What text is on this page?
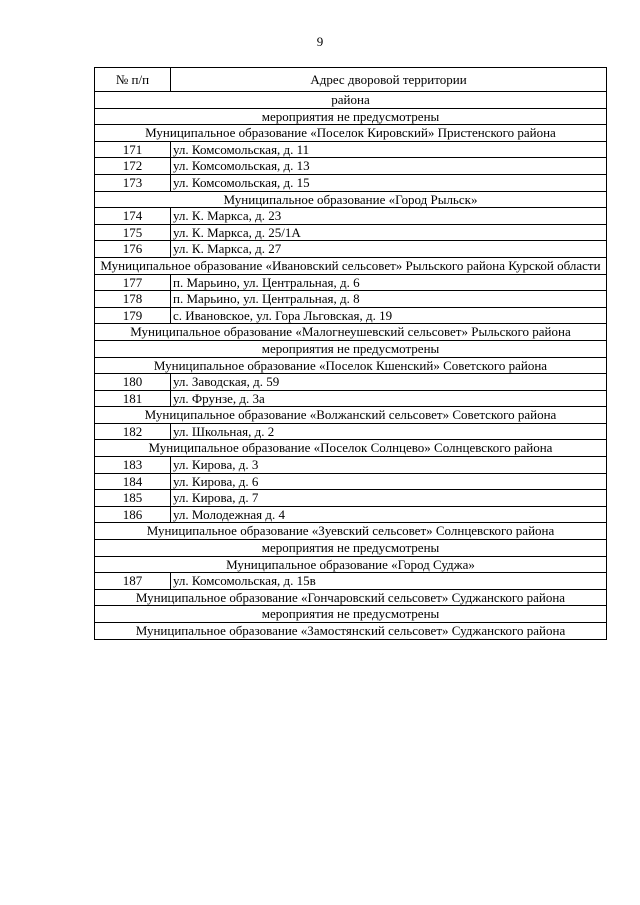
9
№ п/п	Адрес дворовой территории
района	
мероприятия не предусмотрены	
Муниципальное образование «Поселок Кировский» Пристенского района	
171	ул. Комсомольская, д. 11
172	ул. Комсомольская, д. 13
173	ул. Комсомольская, д. 15
Муниципальное образование «Город Рыльск»	
174	ул. К. Маркса, д. 23
175	ул. К. Маркса, д. 25/1А
176	ул. К. Маркса, д. 27
Муниципальное образование «Ивановский сельсовет» Рыльского района Курской области	
177	п. Марьино, ул. Центральная, д. 6
178	п. Марьино, ул. Центральная, д. 8
179	с. Ивановское, ул. Гора Льговская, д. 19
Муниципальное образование «Малогнеушевский сельсовет» Рыльского района	
мероприятия не предусмотрены	
Муниципальное образование «Поселок Кшенский» Советского района	
180	ул. Заводская, д. 59
181	ул. Фрунзе, д. 3а
Муниципальное образование «Волжанский сельсовет» Советского района	
182	ул. Школьная, д. 2
Муниципальное образование «Поселок Солнцево» Солнцевского района	
183	ул. Кирова, д. 3
184	ул. Кирова, д. 6
185	ул. Кирова, д. 7
186	ул. Молодежная д. 4
Муниципальное образование «Зуевский сельсовет» Солнцевского района	
мероприятия не предусмотрены	
Муниципальное образование «Город Суджа»	
187	ул. Комсомольская, д. 15в
Муниципальное образование «Гончаровский сельсовет» Суджанского района	
мероприятия не предусмотрены	
Муниципальное образование «Замостянский сельсовет» Суджанского района	
